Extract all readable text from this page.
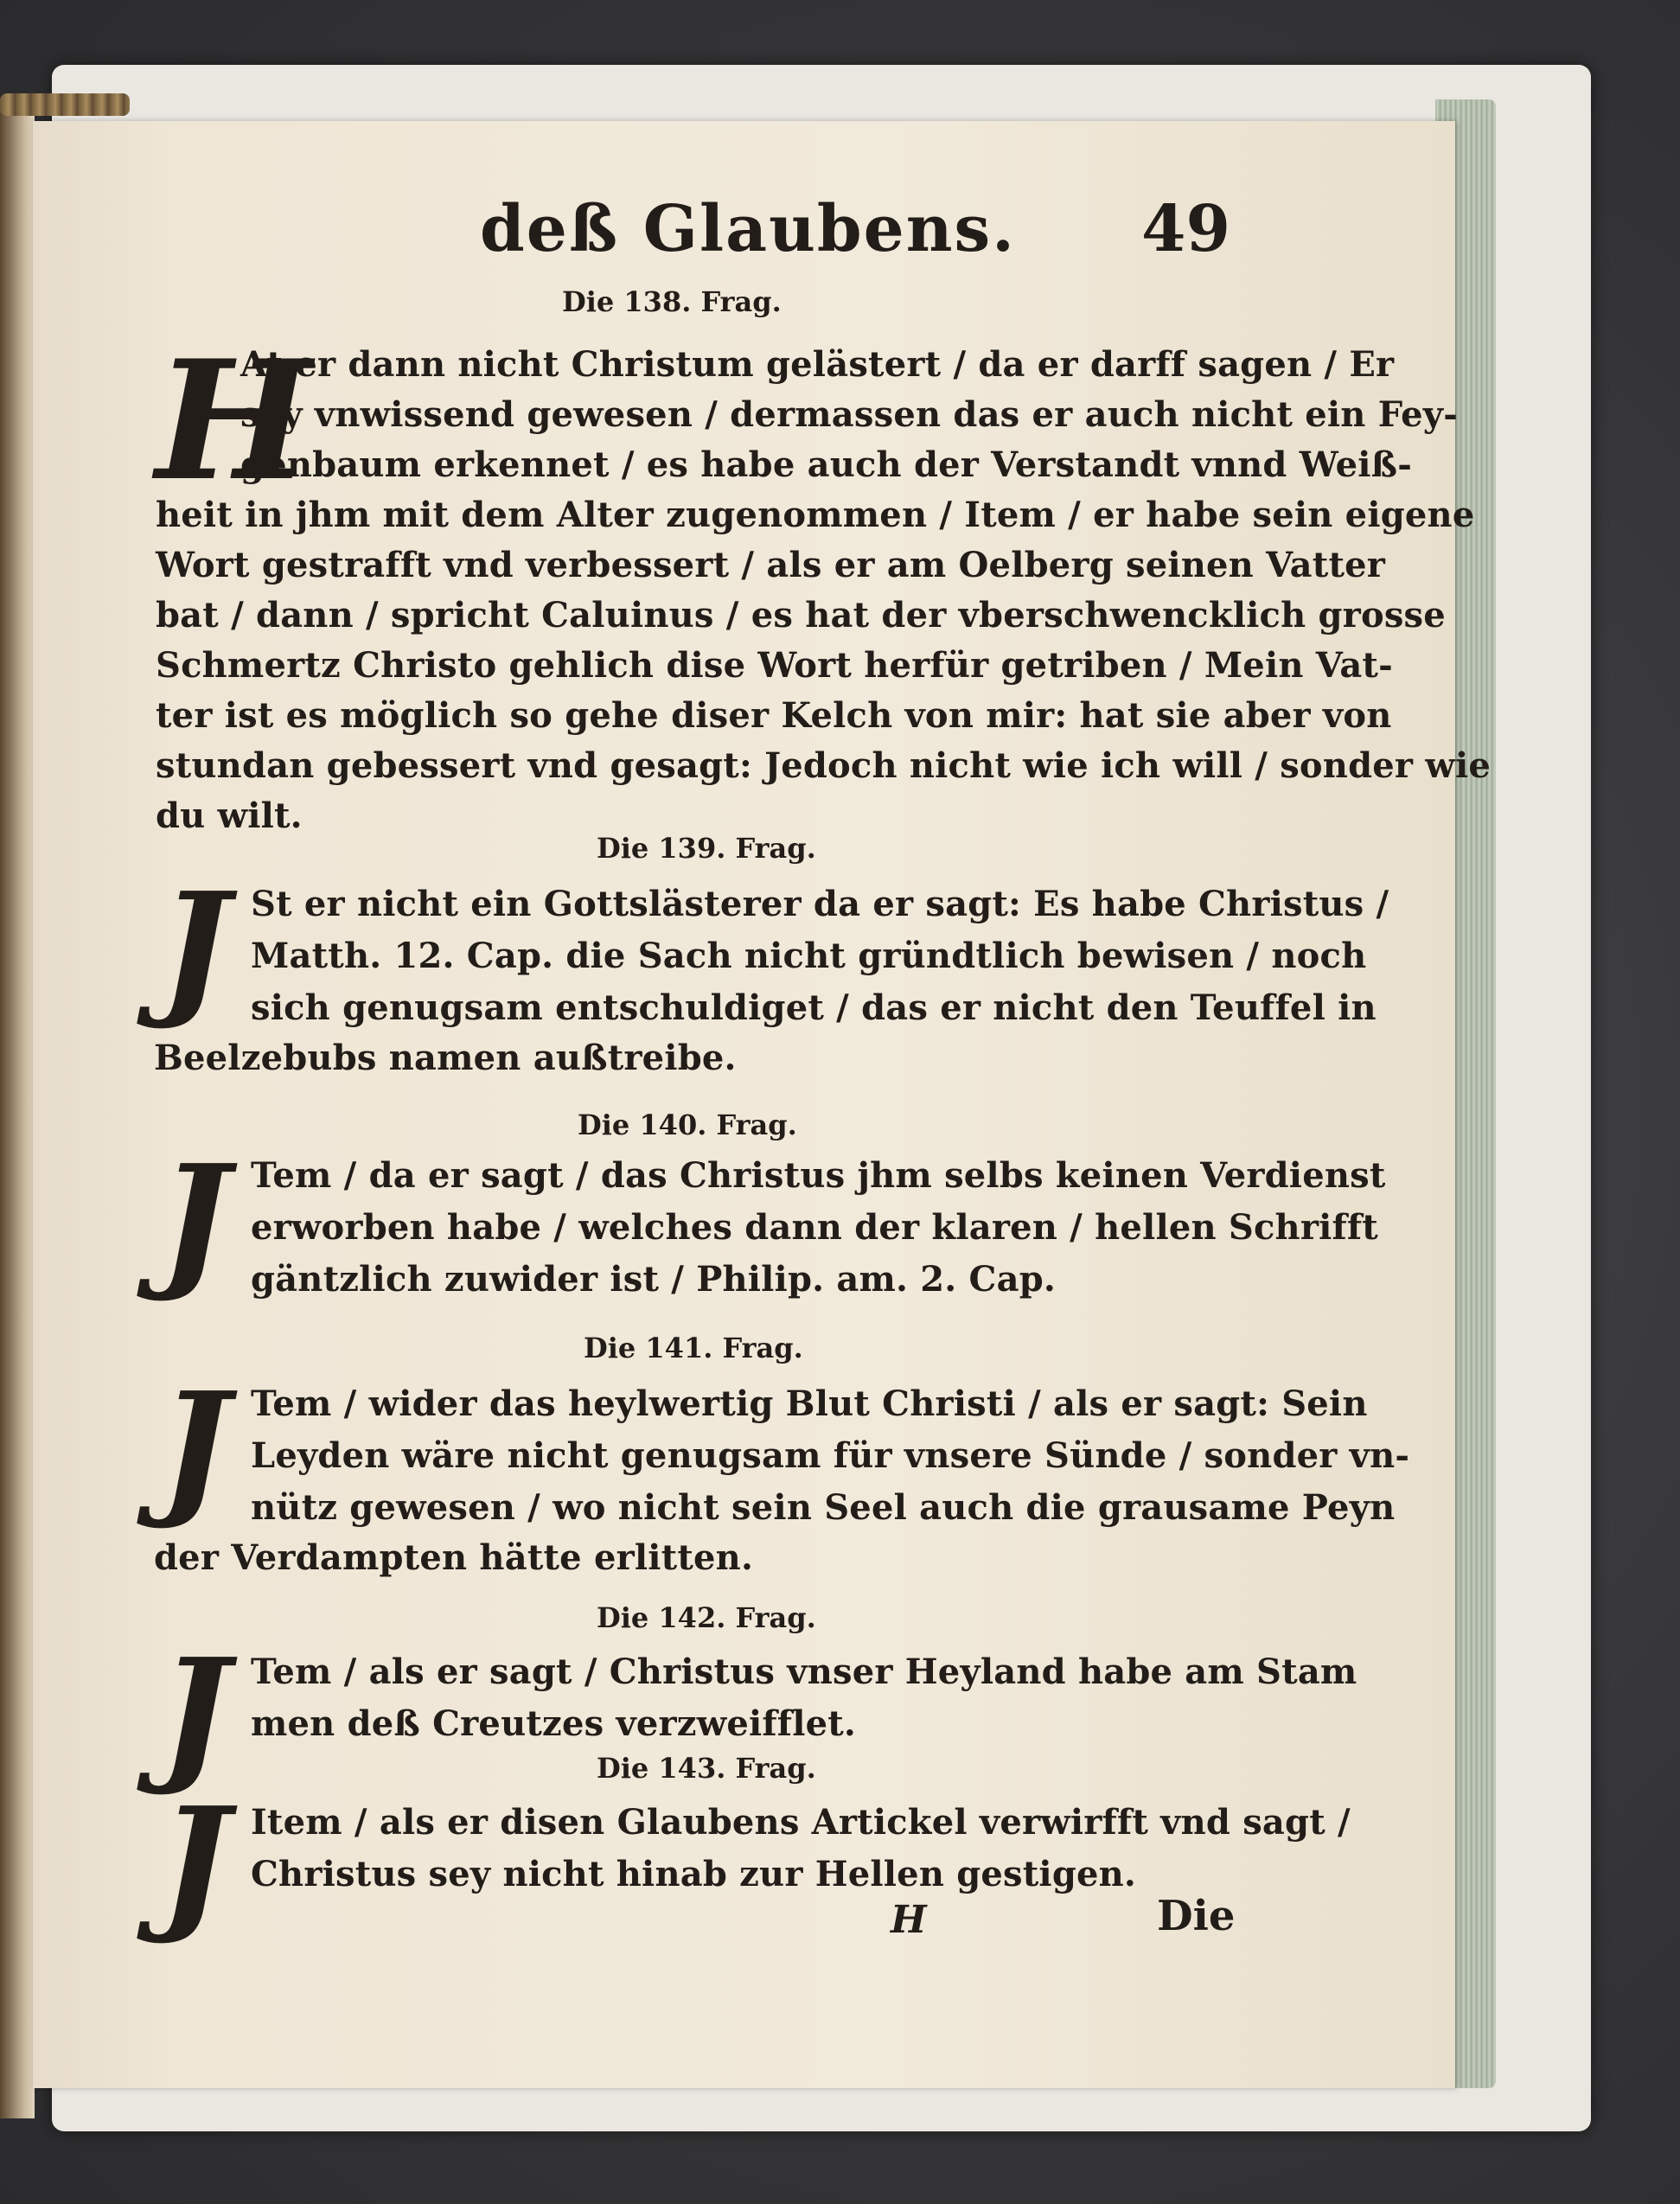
deß Glaubens. 49
Die 138. Frag.
H
At er dann nicht Christum gelästert / da er darff sagen / Er
sey vnwissend gewesen / dermassen das er auch nicht ein Fey-
genbaum erkennet / es habe auch der Verstandt vnnd Weiß-
heit in jhm mit dem Alter zugenommen / Item / er habe sein eigene
Wort gestrafft vnd verbessert / als er am Oelberg seinen Vatter
bat / dann / spricht Caluinus / es hat der vberschwencklich grosse
Schmertz Christo gehlich dise Wort herfür getriben / Mein Vat-
ter ist es möglich so gehe diser Kelch von mir: hat sie aber von
stundan gebessert vnd gesagt: Jedoch nicht wie ich will / sonder wie
du wilt.
Die 139. Frag.
J St er nicht ein Gottslästerer da er sagt: Es habe Christus /
Matth. 12. Cap. die Sach nicht gründtlich bewisen / noch
sich genugsam entschuldiget / das er nicht den Teuffel in
Beelzebubs namen außtreibe.
Die 140. Frag.
J Tem / da er sagt / das Christus jhm selbs keinen Verdienst
erworben habe / welches dann der klaren / hellen Schrifft
gäntzlich zuwider ist / Philip. am. 2. Cap.
Die 141. Frag.
J Tem / wider das heylwertig Blut Christi / als er sagt: Sein
Leyden wäre nicht genugsam für vnsere Sünde / sonder vn-
nütz gewesen / wo nicht sein Seel auch die grausame Peyn
der Verdampten hätte erlitten.
Die 142. Frag.
J Tem / als er sagt / Christus vnser Heyland habe am Stam
men deß Creutzes verzweifflet.
Die 143. Frag.
J Item / als er disen Glaubens Artickel verwirfft vnd sagt /
Christus sey nicht hinab zur Hellen gestigen.
H	Die
